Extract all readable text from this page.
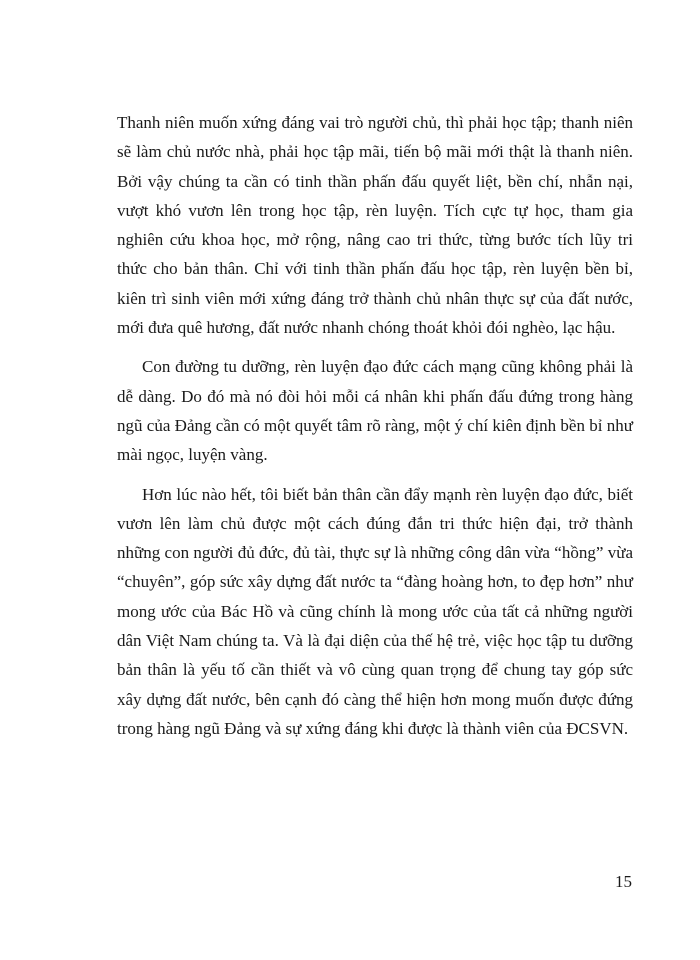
Thanh niên muốn xứng đáng vai trò người chủ, thì phải học tập; thanh niên sẽ làm chủ nước nhà, phải học tập mãi, tiến bộ mãi mới thật là thanh niên. Bởi vậy chúng ta cần có tinh thần phấn đấu quyết liệt, bền chí, nhẫn nại, vượt khó vươn lên trong học tập, rèn luyện. Tích cực tự học, tham gia nghiên cứu khoa học, mở rộng, nâng cao tri thức, từng bước tích lũy tri thức cho bản thân. Chỉ với tinh thần phấn đấu học tập, rèn luyện bền bỉ, kiên trì sinh viên mới xứng đáng trở thành chủ nhân thực sự của đất nước, mới đưa quê hương, đất nước nhanh chóng thoát khỏi đói nghèo, lạc hậu.

Con đường tu dưỡng, rèn luyện đạo đức cách mạng cũng không phải là dễ dàng. Do đó mà nó đòi hỏi mỗi cá nhân khi phấn đấu đứng trong hàng ngũ của Đảng cần có một quyết tâm rõ ràng, một ý chí kiên định bền bỉ như mài ngọc, luyện vàng.

Hơn lúc nào hết, tôi biết bản thân cần đẩy mạnh rèn luyện đạo đức, biết vươn lên làm chủ được một cách đúng đắn tri thức hiện đại, trở thành những con người đủ đức, đủ tài, thực sự là những công dân vừa “hồng” vừa “chuyên”, góp sức xây dựng đất nước ta “đàng hoàng hơn, to đẹp hơn” như mong ước của Bác Hồ và cũng chính là mong ước của tất cả những người dân Việt Nam chúng ta. Và là đại diện của thế hệ trẻ, việc học tập tu dưỡng bản thân là yếu tố cần thiết và vô cùng quan trọng để chung tay góp sức xây dựng đất nước, bên cạnh đó càng thể hiện hơn mong muốn được đứng trong hàng ngũ Đảng và sự xứng đáng khi được là thành viên của ĐCSVN.

15
